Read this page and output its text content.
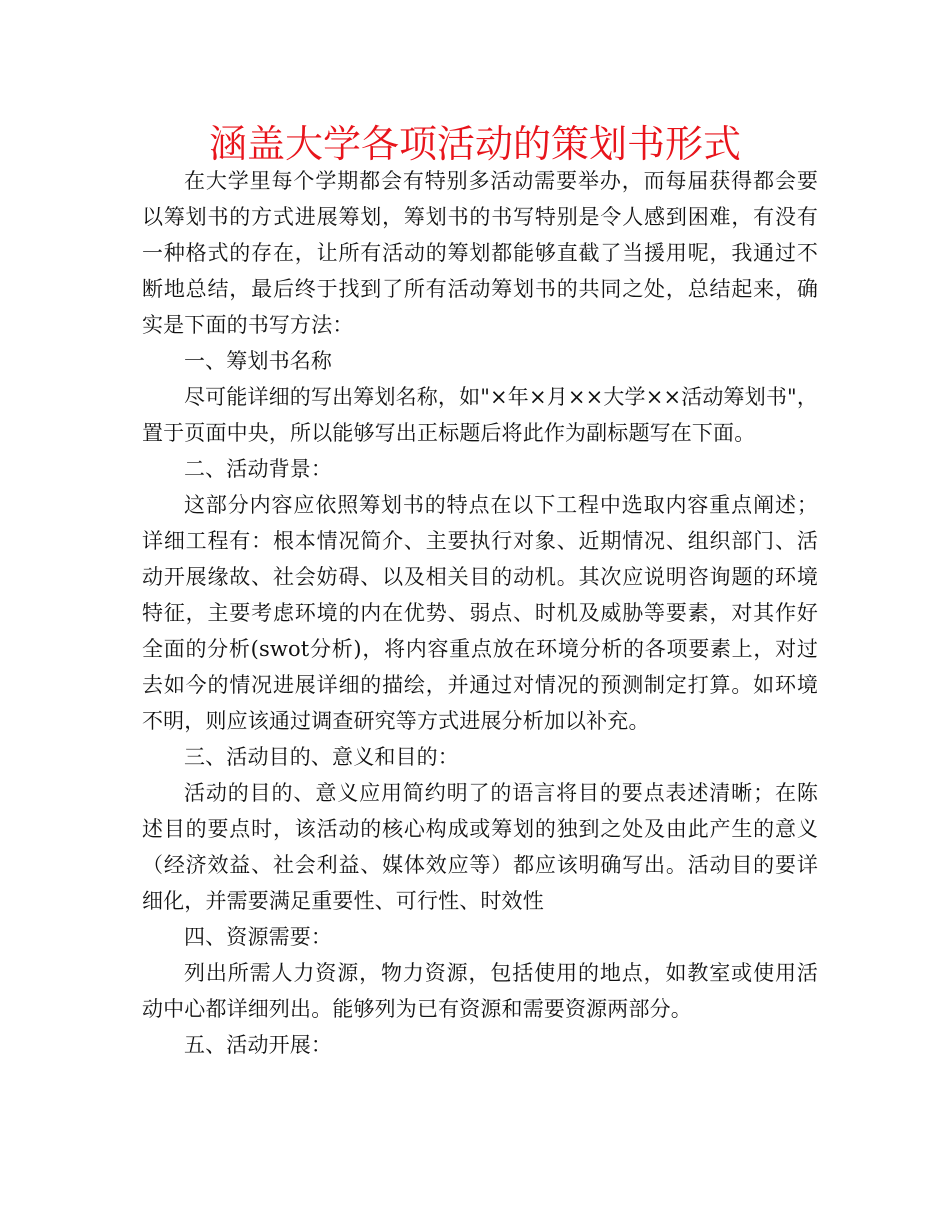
涵盖大学各项活动的策划书形式

在大学里每个学期都会有特别多活动需要举办，而每届获得都会要以筹划书的方式进展筹划，筹划书的书写特别是令人感到困难，有没有一种格式的存在，让所有活动的筹划都能够直截了当援用呢，我通过不断地总结，最后终于找到了所有活动筹划书的共同之处，总结起来，确实是下面的书写方法：

一、筹划书名称

尽可能详细的写出筹划名称，如"×年×月××大学××活动筹划书"，置于页面中央，所以能够写出正标题后将此作为副标题写在下面。

二、活动背景：

这部分内容应依照筹划书的特点在以下工程中选取内容重点阐述；详细工程有：根本情况简介、主要执行对象、近期情况、组织部门、活动开展缘故、社会妨碍、以及相关目的动机。其次应说明咨询题的环境特征，主要考虑环境的内在优势、弱点、时机及威胁等要素，对其作好全面的分析(swot分析)，将内容重点放在环境分析的各项要素上，对过去如今的情况进展详细的描绘，并通过对情况的预测制定打算。如环境不明，则应该通过调查研究等方式进展分析加以补充。

三、活动目的、意义和目的：

活动的目的、意义应用简约明了的语言将目的要点表述清晰；在陈述目的要点时，该活动的核心构成或筹划的独到之处及由此产生的意义（经济效益、社会利益、媒体效应等）都应该明确写出。活动目的要详细化，并需要满足重要性、可行性、时效性

四、资源需要：

列出所需人力资源，物力资源，包括使用的地点，如教室或使用活动中心都详细列出。能够列为已有资源和需要资源两部分。

五、活动开展：
